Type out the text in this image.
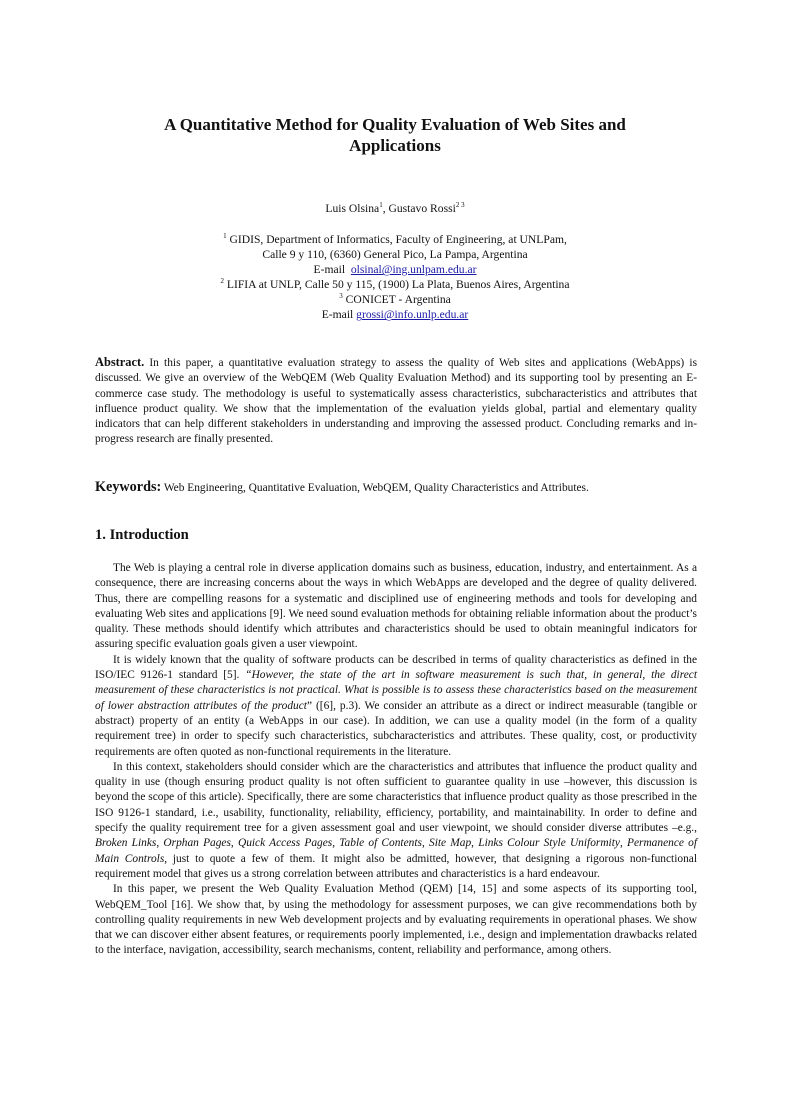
A Quantitative Method for Quality Evaluation of Web Sites and
Applications
Luis Olsina$^1$, Gustavo Rossi$^{2 3}$
$^1$ GIDIS, Department of Informatics, Faculty of Engineering, at UNLPam,
Calle 9 y 110, (6360) General Pico, La Pampa, Argentina
E-mail  olsinal@ing.unlpam.edu.ar
$^2$ LIFIA at UNLP, Calle 50 y 115, (1900) La Plata, Buenos Aires, Argentina
$^3$ CONICET - Argentina
E-mail grossi@info.unlp.edu.ar
Abstract. In this paper, a quantitative evaluation strategy to assess the quality of Web sites and applications (WebApps) is discussed. We give an overview of the WebQEM (Web Quality Evaluation Method) and its supporting tool by presenting an E-commerce case study. The methodology is useful to systematically assess characteristics, subcharacteristics and attributes that influence product quality. We show that the implementation of the evaluation yields global, partial and elementary quality indicators that can help different stakeholders in understanding and improving the assessed product. Concluding remarks and in-progress research are finally presented.
Keywords: Web Engineering, Quantitative Evaluation, WebQEM, Quality Characteristics and Attributes.
1. Introduction

The Web is playing a central role in diverse application domains such as business, education, industry, and entertainment. As a consequence, there are increasing concerns about the ways in which WebApps are developed and the degree of quality delivered. Thus, there are compelling reasons for a systematic and disciplined use of engineering methods and tools for developing and evaluating Web sites and applications [9]. We need sound evaluation methods for obtaining reliable information about the product’s quality. These methods should identify which attributes and characteristics should be used to obtain meaningful indicators for assuring specific evaluation goals given a user viewpoint.

It is widely known that the quality of software products can be described in terms of quality characteristics as defined in the ISO/IEC 9126-1 standard [5]. “However, the state of the art in software measurement is such that, in general, the direct measurement of these characteristics is not practical. What is possible is to assess these characteristics based on the measurement of lower abstraction attributes of the product” ([6], p.3). We consider an attribute as a direct or indirect measurable (tangible or abstract) property of an entity (a WebApps in our case). In addition, we can use a quality model (in the form of a quality requirement tree) in order to specify such characteristics, subcharacteristics and attributes. These quality, cost, or productivity requirements are often quoted as non-functional requirements in the literature.

In this context, stakeholders should consider which are the characteristics and attributes that influence the product quality and quality in use (though ensuring product quality is not often sufficient to guarantee quality in use –however, this discussion is beyond the scope of this article). Specifically, there are some characteristics that influence product quality as those prescribed in the ISO 9126-1 standard, i.e., usability, functionality, reliability, efficiency, portability, and maintainability. In order to define and specify the quality requirement tree for a given assessment goal and user viewpoint, we should consider diverse attributes –e.g., Broken Links, Orphan Pages, Quick Access Pages, Table of Contents, Site Map, Links Colour Style Uniformity, Permanence of Main Controls, just to quote a few of them. It might also be admitted, however, that designing a rigorous non-functional requirement model that gives us a strong correlation between attributes and characteristics is a hard endeavour.

In this paper, we present the Web Quality Evaluation Method (QEM) [14, 15] and some aspects of its supporting tool, WebQEM_Tool [16]. We show that, by using the methodology for assessment purposes, we can give recommendations both by controlling quality requirements in new Web development projects and by evaluating requirements in operational phases. We show that we can discover either absent features, or requirements poorly implemented, i.e., design and implementation drawbacks related to the interface, navigation, accessibility, search mechanisms, content, reliability and performance, among others.
